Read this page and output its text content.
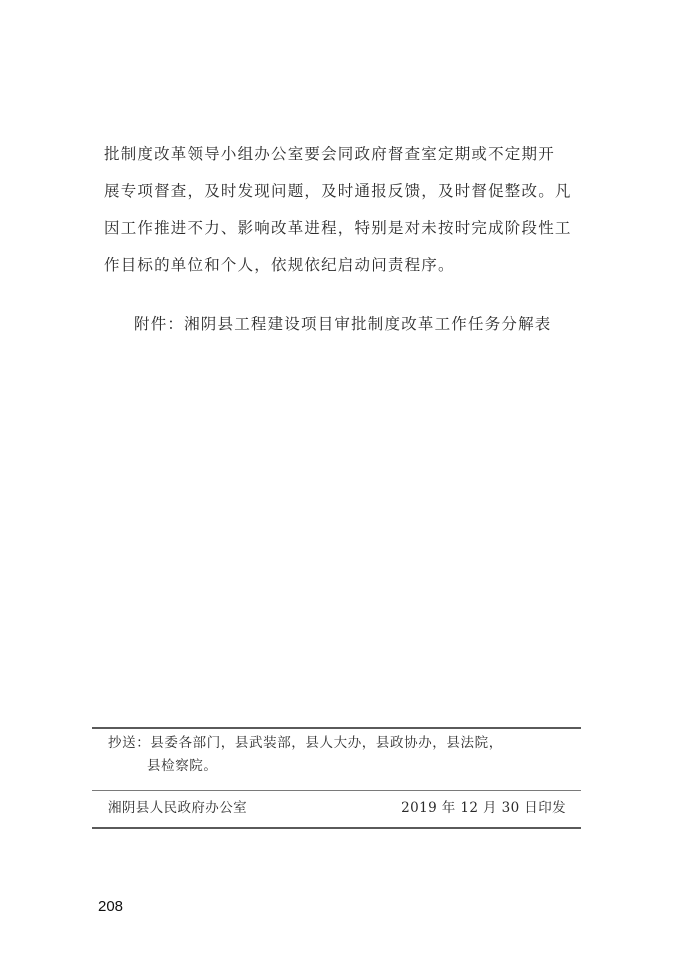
批制度改革领导小组办公室要会同政府督查室定期或不定期开
展专项督查，及时发现问题，及时通报反馈，及时督促整改。凡
因工作推进不力、影响改革进程，特别是对未按时完成阶段性工
作目标的单位和个人，依规依纪启动问责程序。

附件：湘阴县工程建设项目审批制度改革工作任务分解表
抄送：县委各部门，县武装部，县人大办，县政协办，县法院，
县检察院。
湘阴县人民政府办公室	2019 年 12 月 30 日印发
208
